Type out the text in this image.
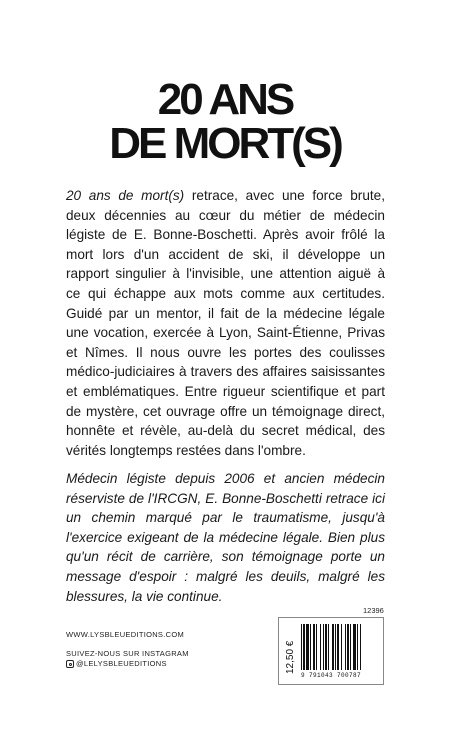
20 ANS
DE MORT(S)
20 ans de mort(s) retrace, avec une force brute, deux décennies au cœur du métier de médecin légiste de E. Bonne-Boschetti. Après avoir frôlé la mort lors d'un accident de ski, il développe un rapport singulier à l'invisible, une attention aiguë à ce qui échappe aux mots comme aux certitudes. Guidé par un mentor, il fait de la médecine légale une vocation, exercée à Lyon, Saint-Étienne, Privas et Nîmes. Il nous ouvre les portes des coulisses médico-judiciaires à travers des affaires saisissantes et emblématiques. Entre rigueur scientifique et part de mystère, cet ouvrage offre un témoignage direct, honnête et révèle, au-delà du secret médical, des vérités longtemps restées dans l'ombre.
Médecin légiste depuis 2006 et ancien médecin réserviste de l'IRCGN, E. Bonne-Boschetti retrace ici un chemin marqué par le traumatisme, jusqu'à l'exercice exigeant de la médecine légale. Bien plus qu'un récit de carrière, son témoignage porte un message d'espoir : malgré les deuils, malgré les blessures, la vie continue.
WWW.LYSBLEUEDITIONS.COM
SUIVEZ-NOUS SUR INSTAGRAM
@LELYSBLEUEDITIONS
12396
12,50 €
9 791043 700787
